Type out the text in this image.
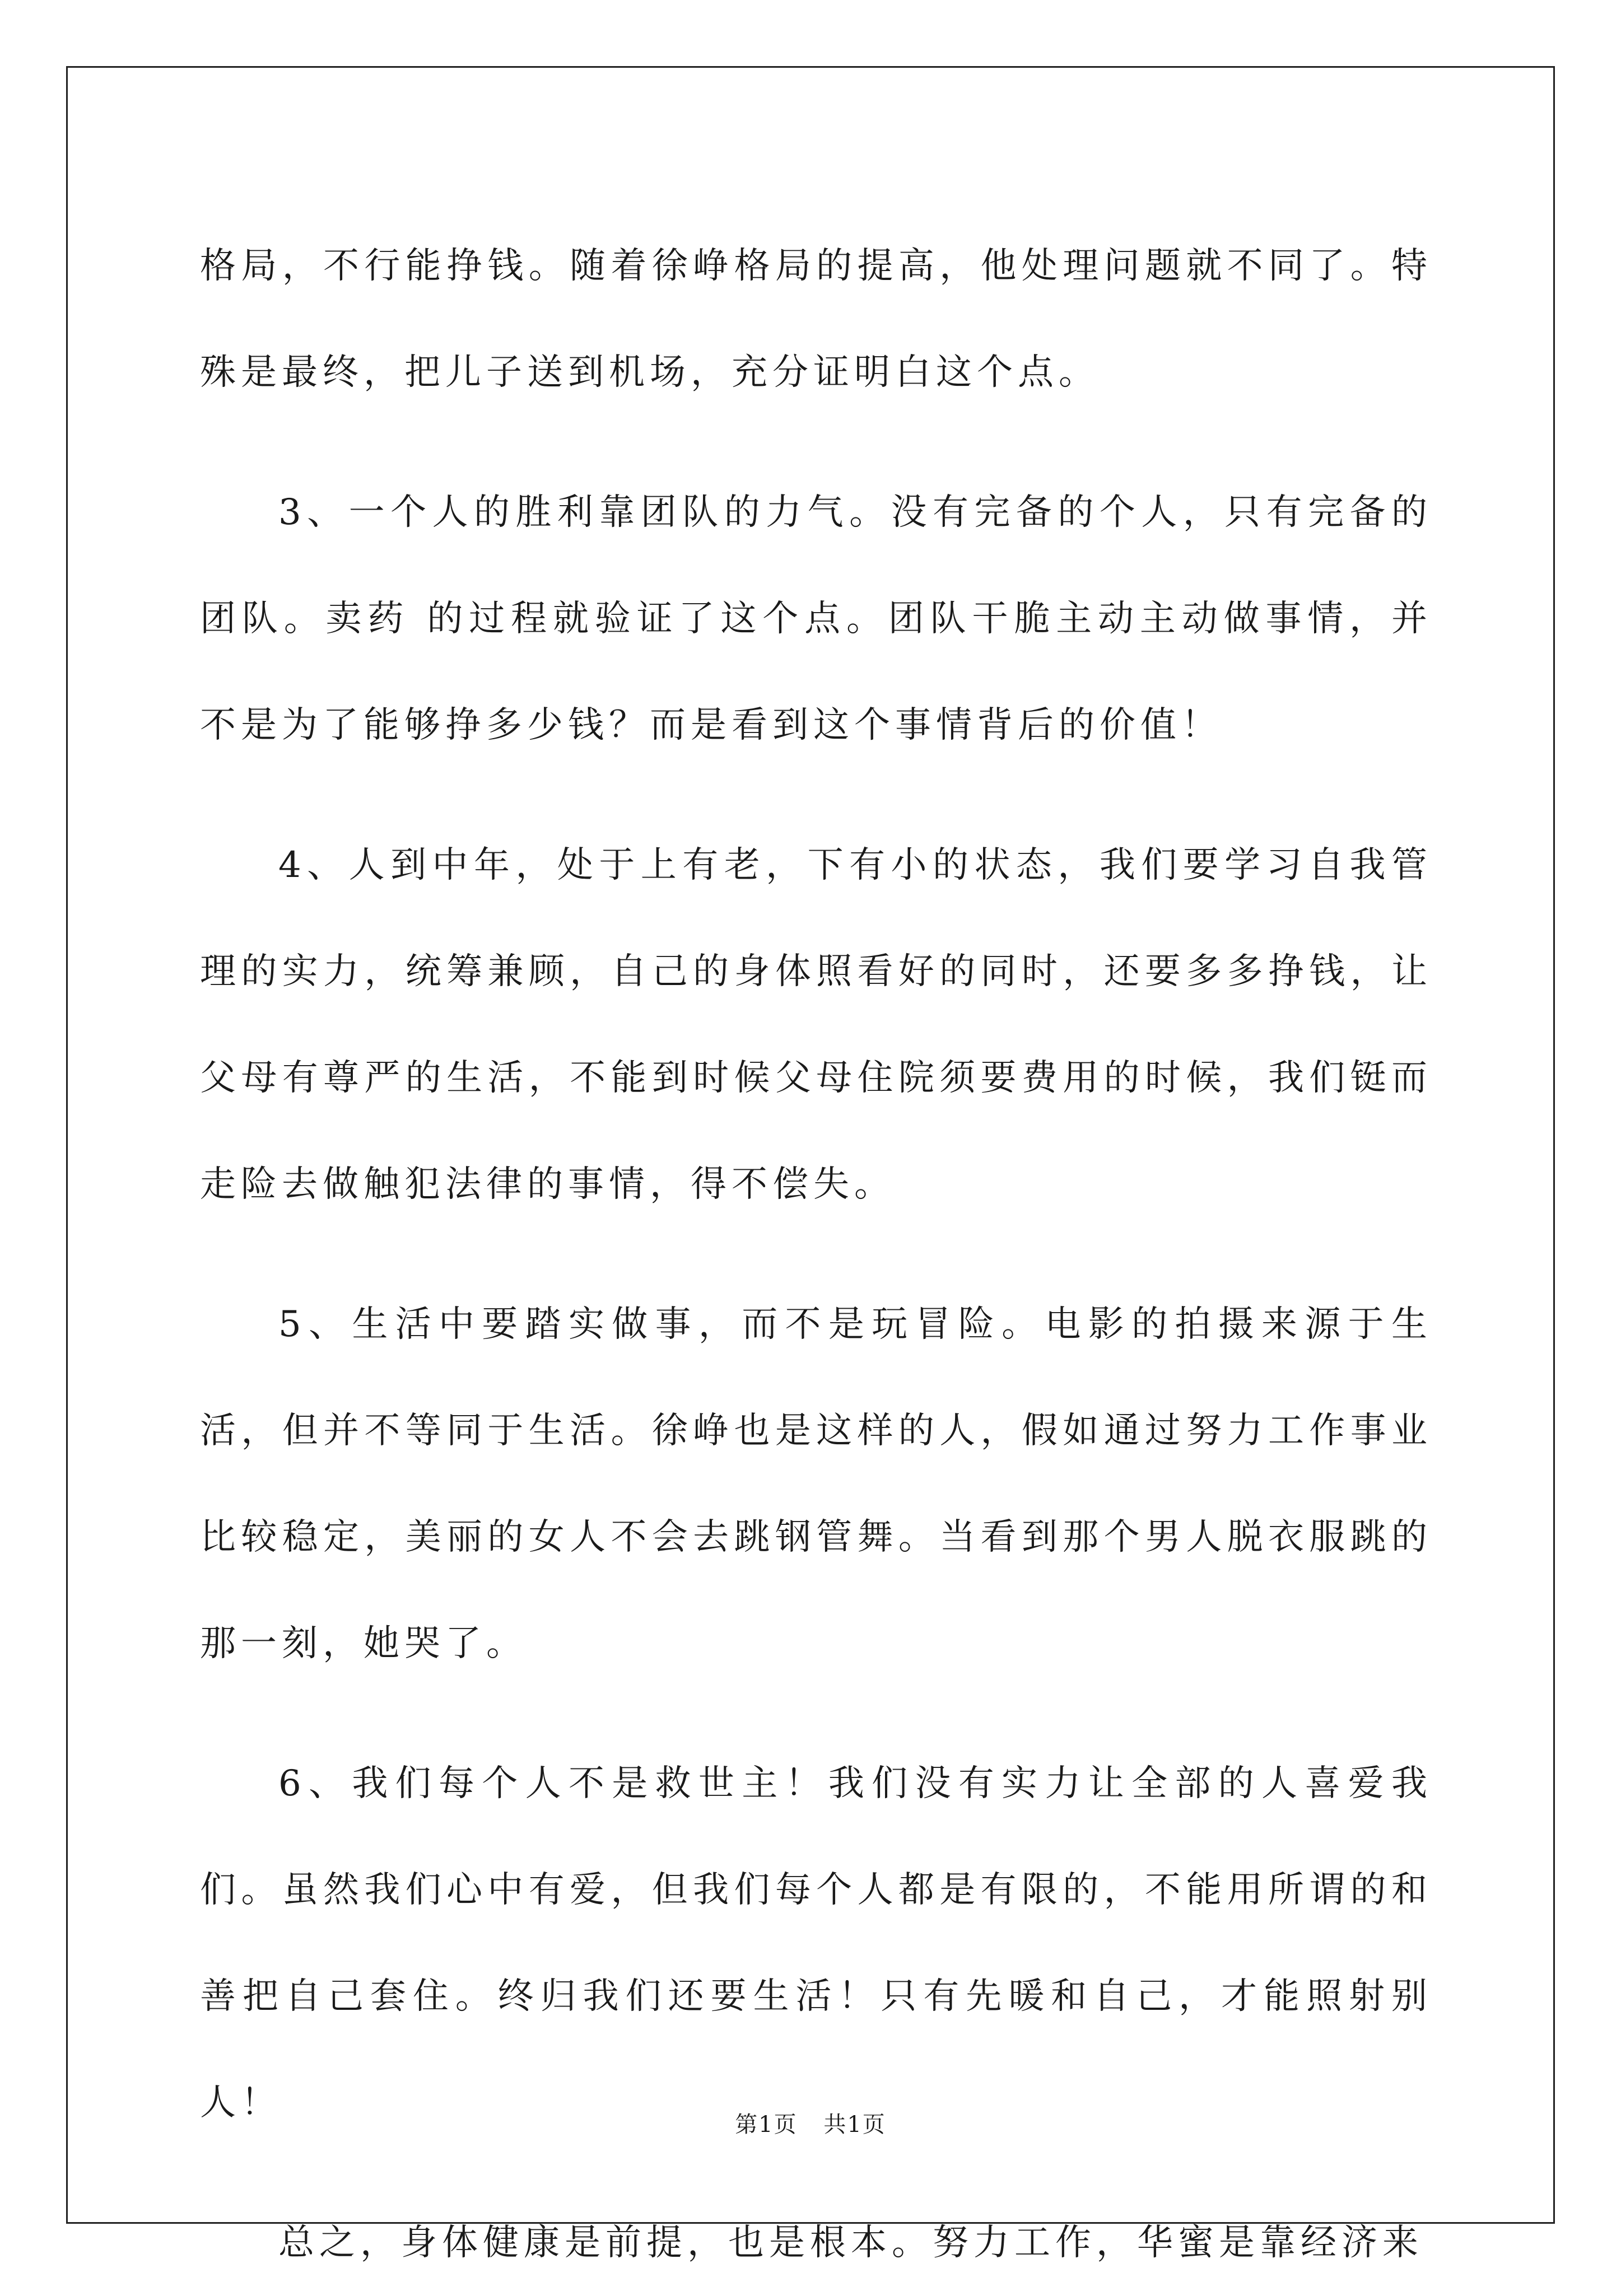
格局，不行能挣钱。随着徐峥格局的提高，他处理问题就不同了。特殊是最终，把儿子送到机场，充分证明白这个点。

3、一个人的胜利靠团队的力气。没有完备的个人，只有完备的团队。卖药 的过程就验证了这个点。团队干脆主动主动做事情，并不是为了能够挣多少钱？而是看到这个事情背后的价值！

4、人到中年，处于上有老，下有小的状态，我们要学习自我管理的实力，统筹兼顾，自己的身体照看好的同时，还要多多挣钱，让父母有尊严的生活，不能到时候父母住院须要费用的时候，我们铤而走险去做触犯法律的事情，得不偿失。

5、生活中要踏实做事，而不是玩冒险。电影的拍摄来源于生活，但并不等同于生活。徐峥也是这样的人，假如通过努力工作事业比较稳定，美丽的女人不会去跳钢管舞。当看到那个男人脱衣服跳的那一刻，她哭了。

6、我们每个人不是救世主！我们没有实力让全部的人喜爱我们。虽然我们心中有爱，但我们每个人都是有限的，不能用所谓的和善把自己套住。终归我们还要生活！只有先暖和自己，才能照射别人！

总之，身体健康是前提，也是根本。努力工作，华蜜是靠经济来

第1页 共1页
